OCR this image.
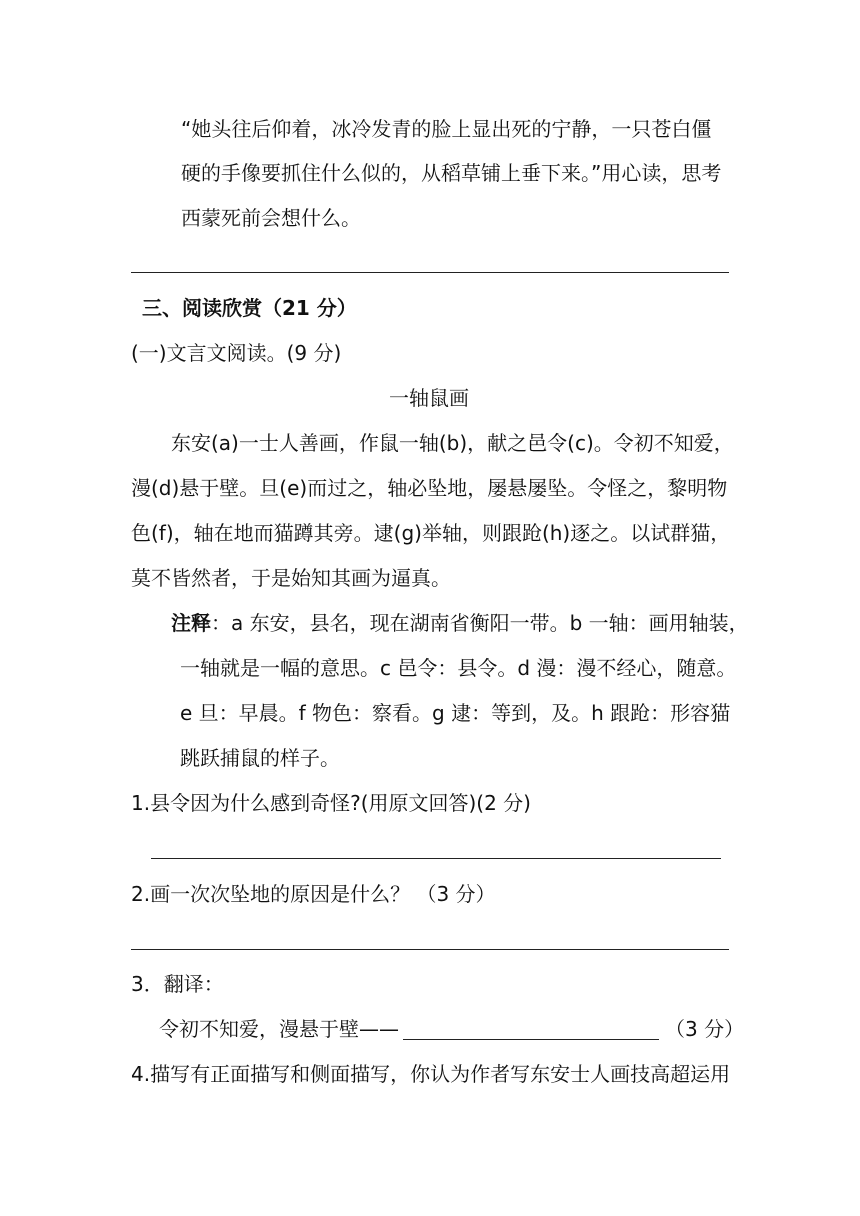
“她头往后仰着，冰冷发青的脸上显出死的宁静，一只苍白僵
硬的手像要抓住什么似的，从稻草铺上垂下来。”用心读，思考
西蒙死前会想什么。
三、阅读欣赏（21 分）
(一)文言文阅读。(9 分)
一轴鼠画
东安(a)一士人善画，作鼠一轴(b)，献之邑令(c)。令初不知爱，
漫(d)悬于壁。旦(e)而过之，轴必坠地，屡悬屡坠。令怪之，黎明物
色(f)，轴在地而猫蹲其旁。逮(g)举轴，则跟跄(h)逐之。以试群猫，
莫不皆然者，于是始知其画为逼真。
注释：a 东安，县名，现在湖南省衡阳一带。b 一轴：画用轴装，
一轴就是一幅的意思。c 邑令：县令。d 漫：漫不经心，随意。
e 旦：早晨。f 物色：察看。g 逮：等到，及。h 跟跄：形容猫
跳跃捕鼠的样子。
1.县令因为什么感到奇怪?(用原文回答)(2 分)
2.画一次次坠地的原因是什么？ （3 分）
3．翻译：
令初不知爱，漫悬于壁——	（3 分）
4.描写有正面描写和侧面描写，你认为作者写东安士人画技高超运用
